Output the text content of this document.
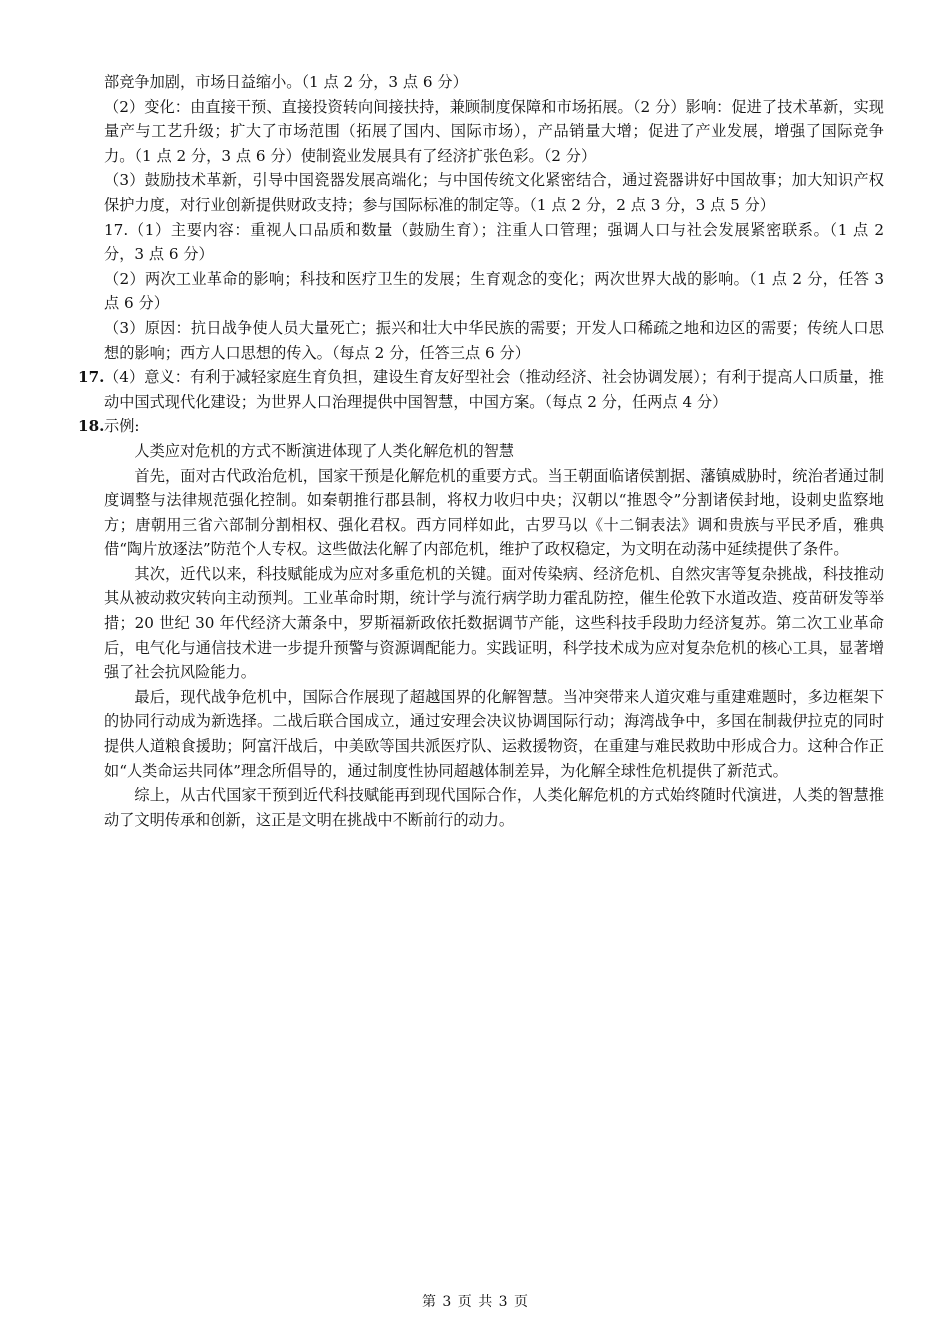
部竞争加剧，市场日益缩小。（1 点 2 分，3 点 6 分）
（2）变化：由直接干预、直接投资转向间接扶持，兼顾制度保障和市场拓展。（2 分）影响：促进了技术革新，实现量产与工艺升级；扩大了市场范围（拓展了国内、国际市场），产品销量大增；促进了产业发展，增强了国际竞争力。（1 点 2 分，3 点 6 分）使制瓷业发展具有了经济扩张色彩。（2 分）
（3）鼓励技术革新，引导中国瓷器发展高端化；与中国传统文化紧密结合，通过瓷器讲好中国故事；加大知识产权保护力度，对行业创新提供财政支持；参与国际标准的制定等。（1 点 2 分，2 点 3 分，3 点 5 分）
17.（1）主要内容：重视人口品质和数量（鼓励生育）；注重人口管理；强调人口与社会发展紧密联系。（1 点 2 分，3 点 6 分）
（2）两次工业革命的影响；科技和医疗卫生的发展；生育观念的变化；两次世界大战的影响。（1 点 2 分，任答 3 点 6 分）
（3）原因：抗日战争使人员大量死亡；振兴和壮大中华民族的需要；开发人口稀疏之地和边区的需要；传统人口思想的影响；西方人口思想的传入。（每点 2 分，任答三点 6 分）
17. （4）意义：有利于减轻家庭生育负担，建设生育友好型社会（推动经济、社会协调发展）；有利于提高人口质量，推动中国式现代化建设；为世界人口治理提供中国智慧，中国方案。（每点 2 分，任两点 4 分）
18. 示例:
人类应对危机的方式不断演进体现了人类化解危机的智慧
首先，面对古代政治危机，国家干预是化解危机的重要方式。当王朝面临诸侯割据、藩镇威胁时，统治者通过制度调整与法律规范强化控制。如秦朝推行郡县制，将权力收归中央；汉朝以“推恩令”分割诸侯封地，设刺史监察地方；唐朝用三省六部制分割相权、强化君权。西方同样如此，古罗马以《十二铜表法》调和贵族与平民矛盾，雅典借“陶片放逐法”防范个人专权。这些做法化解了内部危机，维护了政权稳定，为文明在动荡中延续提供了条件。
其次，近代以来，科技赋能成为应对多重危机的关键。面对传染病、经济危机、自然灾害等复杂挑战，科技推动其从被动救灾转向主动预判。工业革命时期，统计学与流行病学助力霍乱防控，催生伦敦下水道改造、疫苗研发等举措；20 世纪 30 年代经济大萧条中，罗斯福新政依托数据调节产能，这些科技手段助力经济复苏。第二次工业革命后，电气化与通信技术进一步提升预警与资源调配能力。实践证明，科学技术成为应对复杂危机的核心工具，显著增强了社会抗风险能力。
最后，现代战争危机中，国际合作展现了超越国界的化解智慧。当冲突带来人道灾难与重建难题时，多边框架下的协同行动成为新选择。二战后联合国成立，通过安理会决议协调国际行动；海湾战争中，多国在制裁伊拉克的同时提供人道粮食援助；阿富汗战后，中美欧等国共派医疗队、运救援物资，在重建与难民救助中形成合力。这种合作正如“人类命运共同体”理念所倡导的，通过制度性协同超越体制差异，为化解全球性危机提供了新范式。
综上，从古代国家干预到近代科技赋能再到现代国际合作，人类化解危机的方式始终随时代演进，人类的智慧推动了文明传承和创新，这正是文明在挑战中不断前行的动力。
第 3 页 共 3 页
